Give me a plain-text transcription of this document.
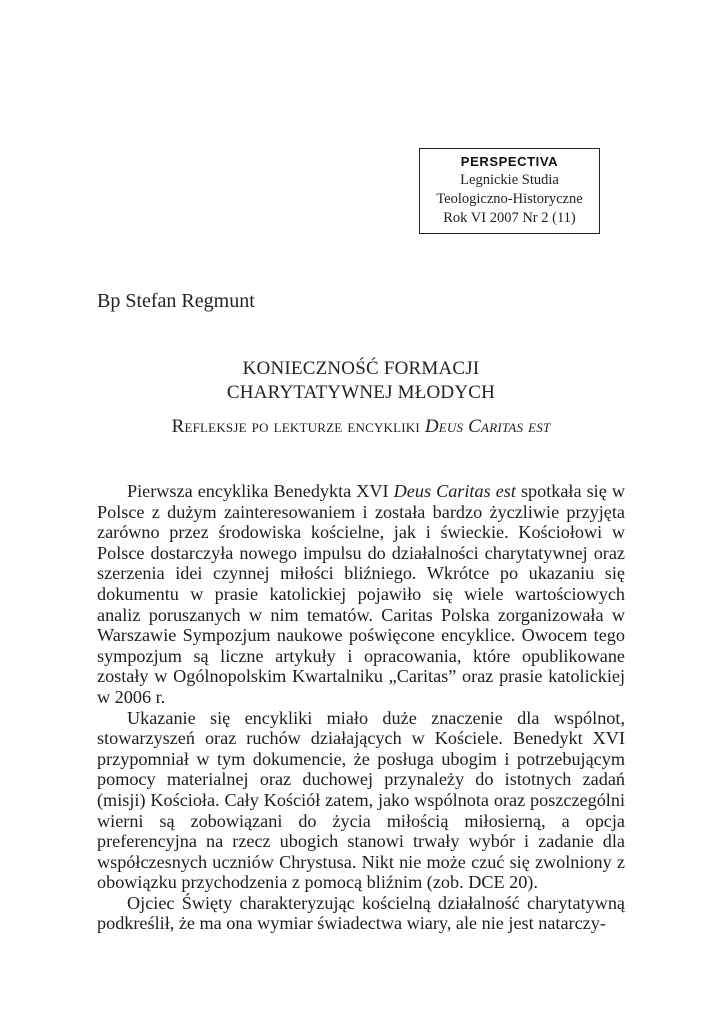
PERSPECTIVA
Legnickie Studia
Teologiczno-Historyczne
Rok VI 2007 Nr 2 (11)
Bp Stefan Regmunt
KONIECZNOŚĆ FORMACJI
CHARYTATYWNEJ MŁODYCH
Refleksje po lekturze encykliki Deus Caritas est

Pierwsza encyklika Benedykta XVI Deus Caritas est spotkała się w Polsce z dużym zainteresowaniem i została bardzo życzliwie przyjęta zarówno przez środowiska kościelne, jak i świeckie. Kościołowi w Polsce dostarczyła nowego impulsu do działalności charytatywnej oraz szerzenia idei czynnej miłości bliźniego. Wkrótce po ukazaniu się dokumentu w prasie katolickiej pojawiło się wiele wartościowych analiz poruszanych w nim tematów. Caritas Polska zorganizowała w Warszawie Sympozjum naukowe poświęcone encyklice. Owocem tego sympozjum są liczne artykuły i opracowania, które opublikowane zostały w Ogólnopolskim Kwartalniku „Caritas” oraz prasie katolickiej w 2006 r.

Ukazanie się encykliki miało duże znaczenie dla wspólnot, stowarzyszeń oraz ruchów działających w Kościele. Benedykt XVI przypomniał w tym dokumencie, że posługa ubogim i potrzebującym pomocy materialnej oraz duchowej przynależy do istotnych zadań (misji) Kościoła. Cały Kościół zatem, jako wspólnota oraz poszczególni wierni są zobowiązani do życia miłością miłosierną, a opcja preferencyjna na rzecz ubogich stanowi trwały wybór i zadanie dla współczesnych uczniów Chrystusa. Nikt nie może czuć się zwolniony z obowiązku przychodzenia z pomocą bliźnim (zob. DCE 20).

Ojciec Święty charakteryzując kościelną działalność charytatywną podkreślił, że ma ona wymiar świadectwa wiary, ale nie jest natarczy-
